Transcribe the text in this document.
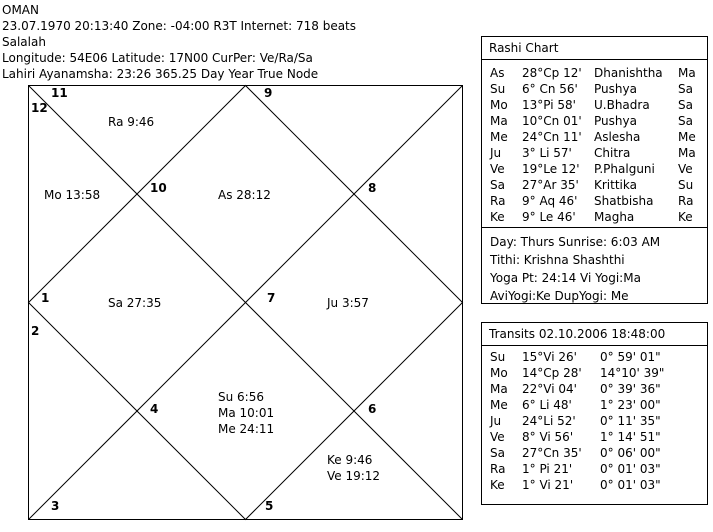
OMAN
23.07.1970 20:13:40 Zone: -04:00 R3T Internet: 718 beats
Salalah
Longitude: 54E06 Latitude: 17N00 CurPer: Ve/Ra/Sa
Lahiri Ayanamsha: 23:26 365.25 Day Year True Node
11
12
9
10	8
1	7
2
4	6
3	5
Ra 9:46
Mo 13:58	As 28:12
Sa 27:35	Ju 3:57
Su 6:56
Ma 10:01
Me 24:11
Ke 9:46
Ve 19:12
Rashi Chart
As 28°Cp 12' Dhanishtha Ma
Su 6° Cn 56' Pushya	Sa
Mo 13°Pi 58' U.Bhadra Sa
Ma 10°Cn 01' Pushya	Sa
Me 24°Cn 11' Aslesha	Me
Ju 3° Li 57' Chitra	Ma
Ve 19°Le 12' P.Phalguni Ve
Sa 27°Ar 35' Krittika	Su
Ra 9° Aq 46' Shatbisha Ra
Ke 9° Le 46' Magha	Ke
Day: Thurs Sunrise: 6:03 AM
Tithi: Krishna Shashthi
Yoga Pt: 24:14 Vi Yogi:Ma
AviYogi:Ke DupYogi: Me
Transits 02.10.2006 18:48:00
Su 15°Vi 26' 0° 59' 01"
Mo 14°Cp 28' 14°10' 39"
Ma 22°Vi 04' 0° 39' 36"
Me 6° Li 48' 1° 23' 00"
Ju 24°Li 52' 0° 11' 35"
Ve 8° Vi 56' 1° 14' 51"
Sa 27°Cn 35' 0° 06' 00"
Ra 1° Pi 21' 0° 01' 03"
Ke 1° Vi 21' 0° 01' 03"
